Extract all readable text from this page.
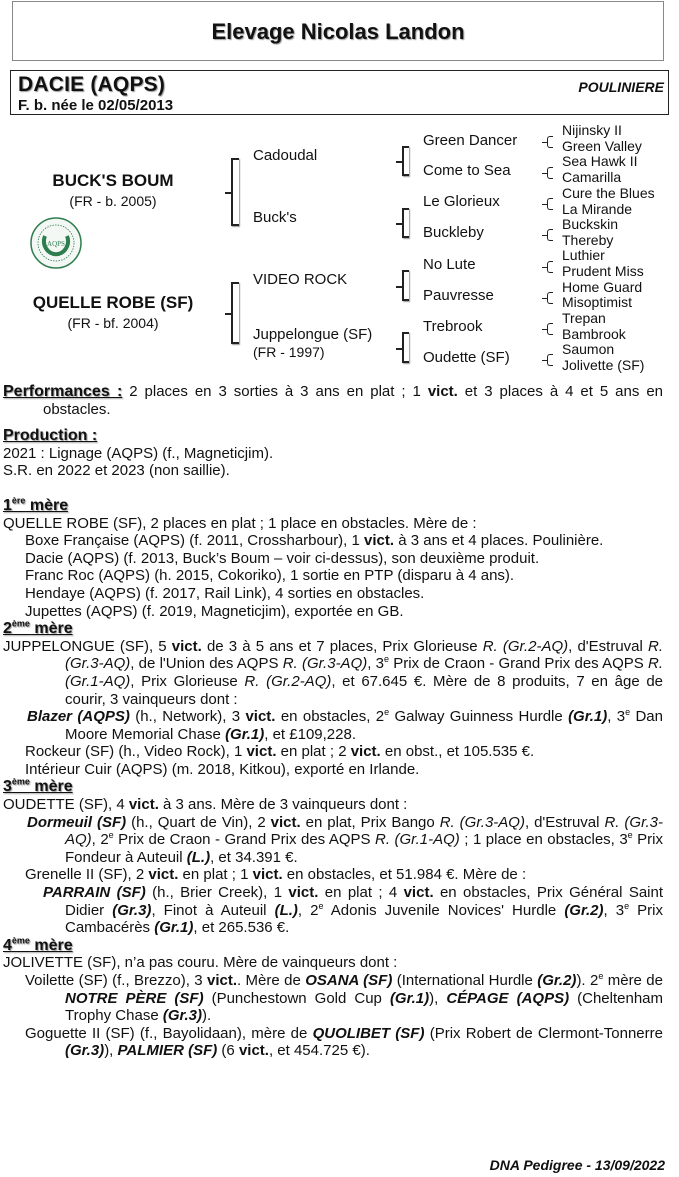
Elevage Nicolas Landon
DACIE (AQPS)
F. b. née le 02/05/2013
POULINIERE
BUCK'S BOUM
(FR - b. 2005)
AQPS
QUELLE ROBE (SF)
(FR - bf. 2004)
Cadoudal
Buck's
VIDEO ROCK
Juppelongue (SF)
(FR - 1997)
Green Dancer
Come to Sea
Le Glorieux
Buckleby
No Lute
Pauvresse
Trebrook
Oudette (SF)
Nijinsky II
Green Valley
Sea Hawk II
Camarilla
Cure the Blues
La Mirande
Buckskin
Thereby
Luthier
Prudent Miss
Home Guard
Misoptimist
Trepan
Bambrook
Saumon
Jolivette (SF)
Performances : 2 places en 3 sorties à 3 ans en plat ; 1 vict. et 3 places à 4 et 5 ans en obstacles.
Production :
2021 : Lignage (AQPS) (f., Magneticjim).
S.R. en 2022 et 2023 (non saillie).
1ère mère
QUELLE ROBE (SF), 2 places en plat ; 1 place en obstacles. Mère de :
Boxe Française (AQPS) (f. 2011, Crossharbour), 1 vict. à 3 ans et 4 places. Poulinière.
Dacie (AQPS) (f. 2013, Buck’s Boum – voir ci-dessus), son deuxième produit.
Franc Roc (AQPS) (h. 2015, Cokoriko), 1 sortie en PTP (disparu à 4 ans).
Hendaye (AQPS) (f. 2017, Rail Link), 4 sorties en obstacles.
Jupettes (AQPS) (f. 2019, Magneticjim), exportée en GB.
2ème mère
JUPPELONGUE (SF), 5 vict. de 3 à 5 ans et 7 places, Prix Glorieuse R. (Gr.2-AQ), d'Estruval R. (Gr.3-AQ), de l'Union des AQPS R. (Gr.3-AQ), 3e Prix de Craon - Grand Prix des AQPS R. (Gr.1-AQ), Prix Glorieuse R. (Gr.2-AQ), et 67.645 €. Mère de 8 produits, 7 en âge de courir, 3 vainqueurs dont :
Blazer (AQPS) (h., Network), 3 vict. en obstacles, 2e Galway Guinness Hurdle (Gr.1), 3e Dan Moore Memorial Chase (Gr.1), et £109,228.
Rockeur (SF) (h., Video Rock), 1 vict. en plat ; 2 vict. en obst., et 105.535 €.
Intérieur Cuir (AQPS) (m. 2018, Kitkou), exporté en Irlande.
3ème mère
OUDETTE (SF), 4 vict. à 3 ans. Mère de 3 vainqueurs dont :
Dormeuil (SF) (h., Quart de Vin), 2 vict. en plat, Prix Bango R. (Gr.3-AQ), d'Estruval R. (Gr.3-AQ), 2e Prix de Craon - Grand Prix des AQPS R. (Gr.1-AQ) ; 1 place en obstacles, 3e Prix Fondeur à Auteuil (L.), et 34.391 €.
Grenelle II (SF), 2 vict. en plat ; 1 vict. en obstacles, et 51.984 €. Mère de :
PARRAIN (SF) (h., Brier Creek), 1 vict. en plat ; 4 vict. en obstacles, Prix Général Saint Didier (Gr.3), Finot à Auteuil (L.), 2e Adonis Juvenile Novices' Hurdle (Gr.2), 3e Prix Cambacérès (Gr.1), et 265.536 €.
4ème mère
JOLIVETTE (SF), n’a pas couru. Mère de vainqueurs dont :
Voilette (SF) (f., Brezzo), 3 vict.. Mère de OSANA (SF) (International Hurdle (Gr.2)). 2e mère de NOTRE PÈRE (SF) (Punchestown Gold Cup (Gr.1)), CÉPAGE (AQPS) (Cheltenham Trophy Chase (Gr.3)).
Goguette II (SF) (f., Bayolidaan), mère de QUOLIBET (SF) (Prix Robert de Clermont-Tonnerre (Gr.3)), PALMIER (SF) (6 vict., et 454.725 €).
DNA Pedigree - 13/09/2022
